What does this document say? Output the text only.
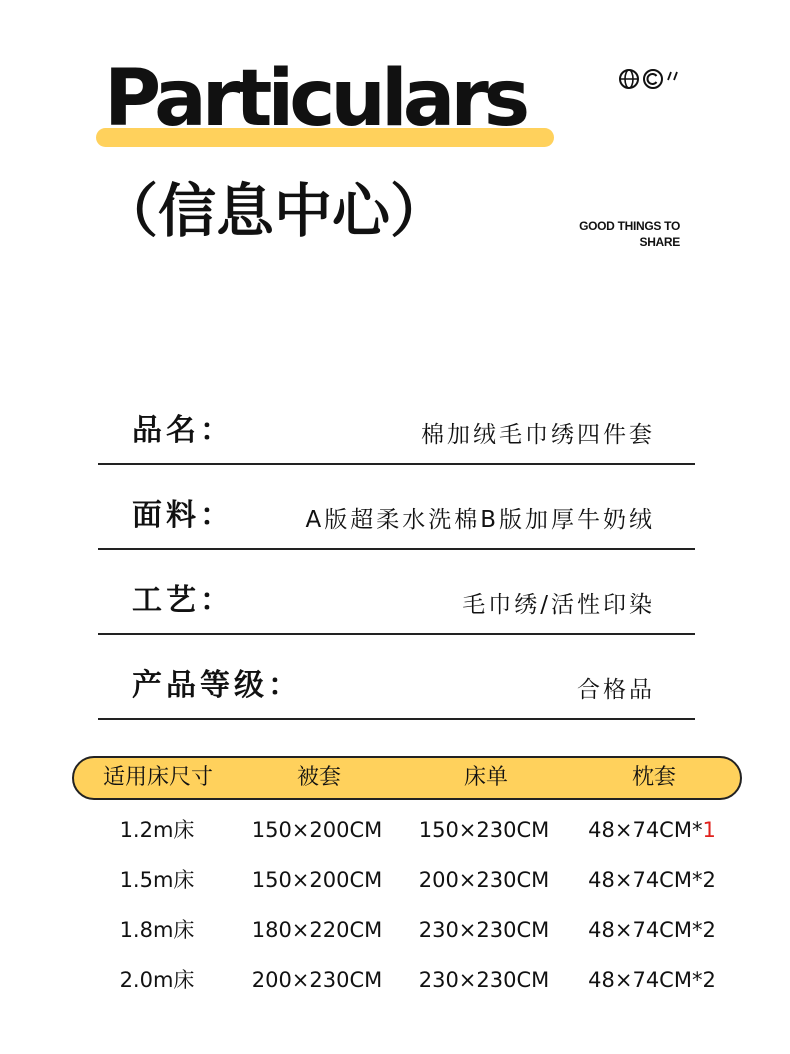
Particulars
（信息中心）	GOOD THINGS TO
SHARE
品名：	棉加绒毛巾绣四件套
面料：	A版超柔水洗棉B版加厚牛奶绒
工艺：	毛巾绣/活性印染
产品等级：	合格品
适用床尺寸	被套	床单	枕套
1.2m床	150×200CM	150×230CM	48×74CM*1
1.5m床	150×200CM	200×230CM	48×74CM*2
1.8m床	180×220CM	230×230CM	48×74CM*2
2.0m床	200×230CM	230×230CM	48×74CM*2
